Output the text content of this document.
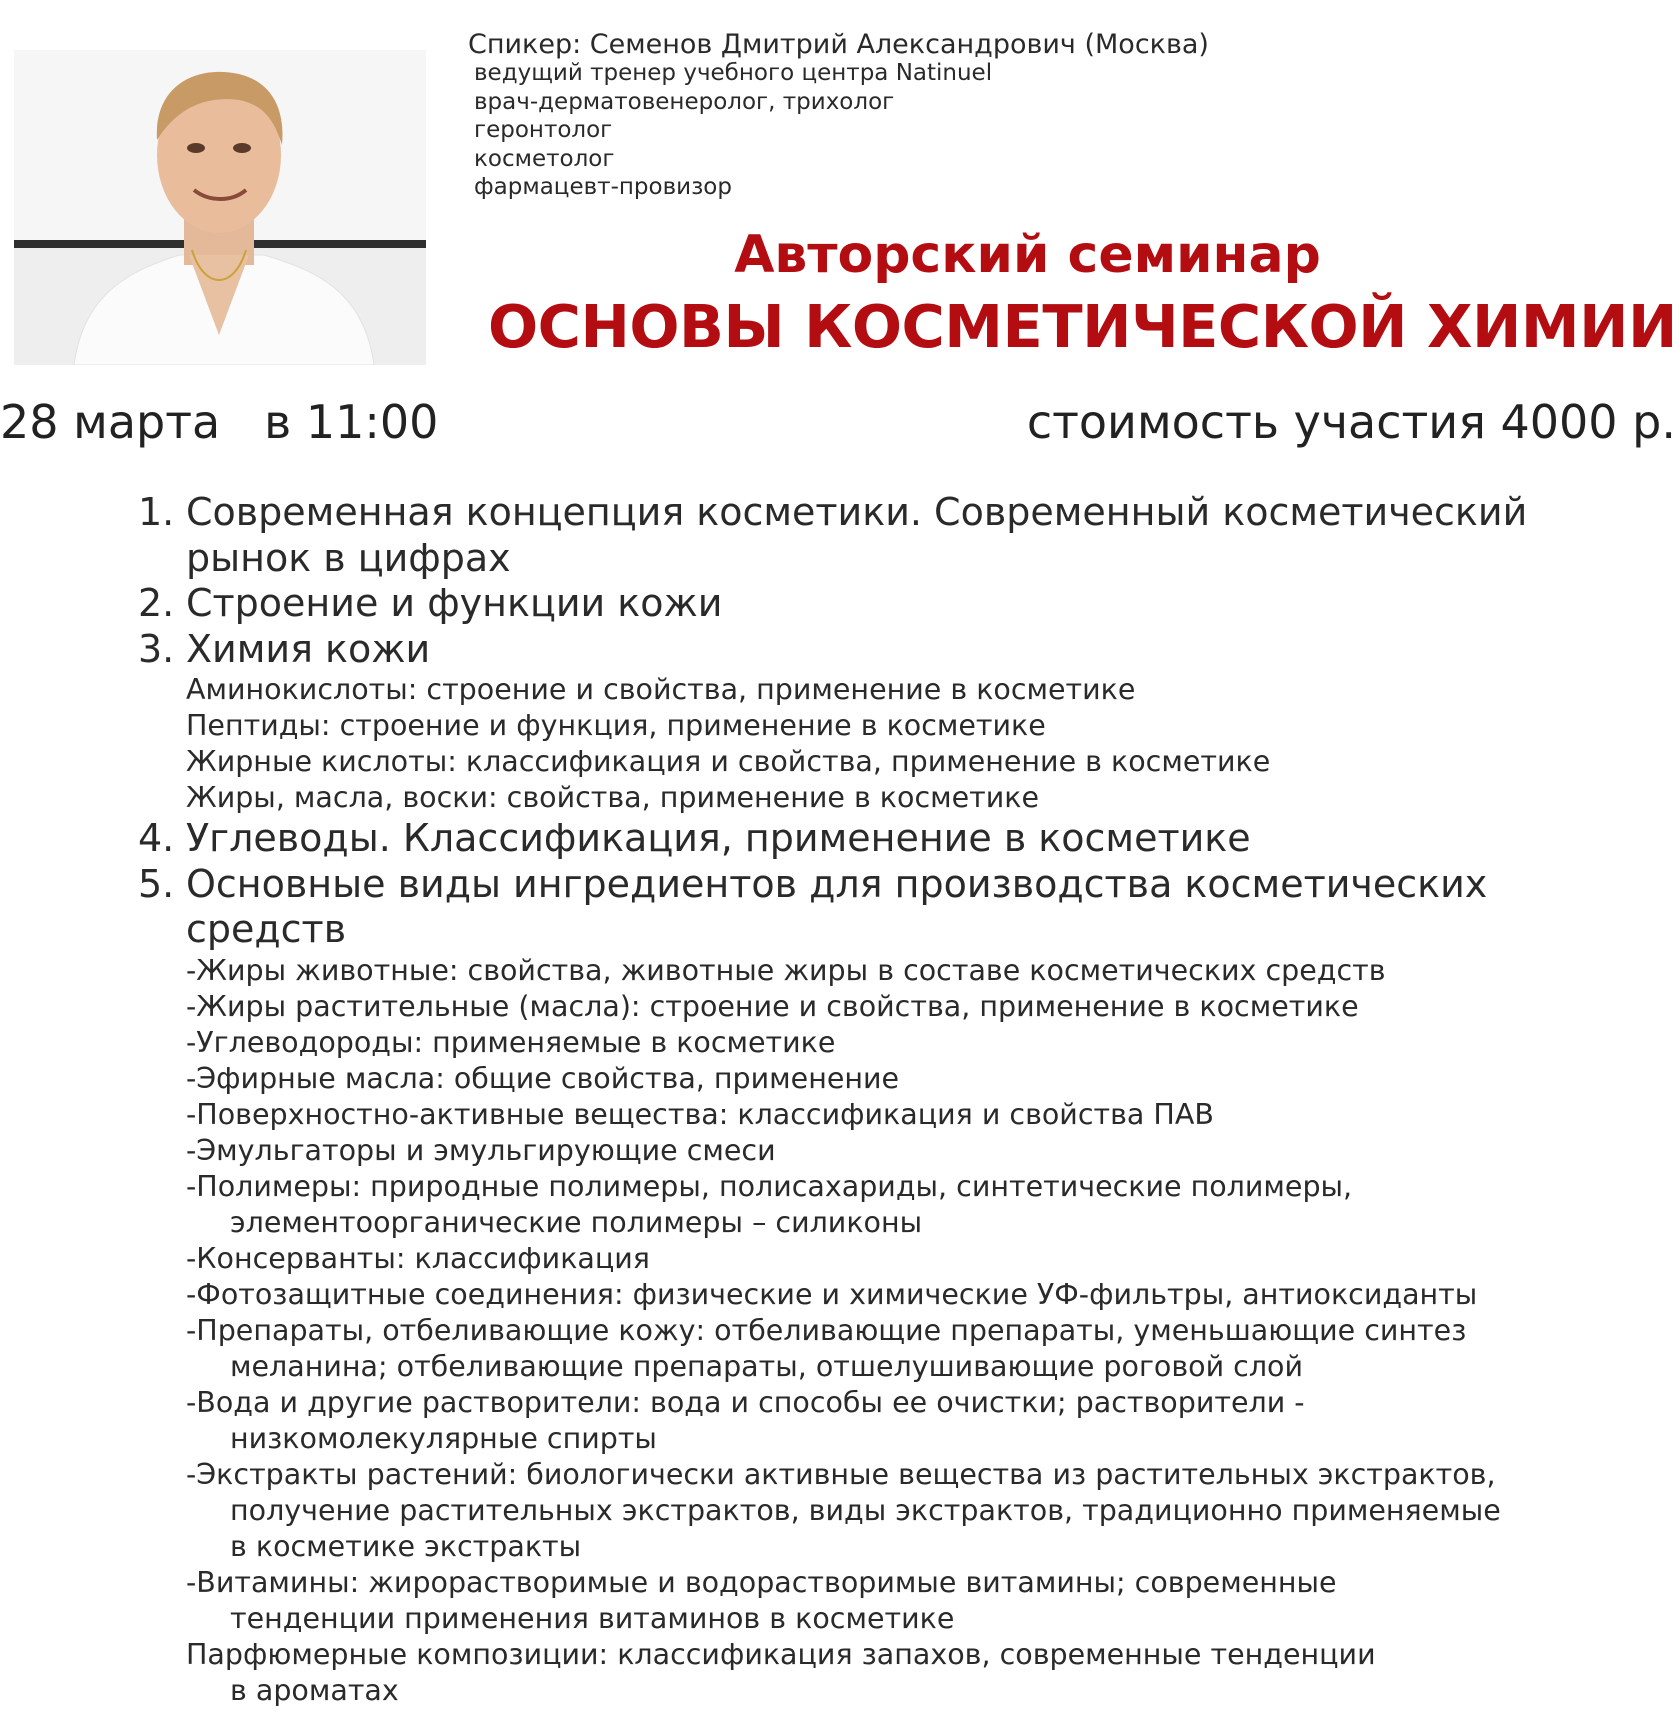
Спикер: Семенов Дмитрий Александрович (Москва)
ведущий тренер учебного центра Natinuel
врач-дерматовенеролог, трихолог
геронтолог
косметолог
фармацевт-провизор
Авторский семинар
ОСНОВЫ КОСМЕТИЧЕСКОЙ ХИМИИ
28 марта в 11:00	стоимость участия 4000 р.
1. Современная концепция косметики. Современный косметический
рынок в цифрах
2. Строение и функции кожи
3. Химия кожи
Аминокислоты: строение и свойства, применение в косметике
Пептиды: строение и функция, применение в косметике
Жирные кислоты: классификация и свойства, применение в косметике
Жиры, масла, воски: свойства, применение в косметике
4. Углеводы. Классификация, применение в косметике
5. Основные виды ингредиентов для производства косметических
средств
-Жиры животные: свойства, животные жиры в составе косметических средств
-Жиры растительные (масла): строение и свойства, применение в косметике
-Углеводороды: применяемые в косметике
-Эфирные масла: общие свойства, применение
-Поверхностно-активные вещества: классификация и свойства ПАВ
-Эмульгаторы и эмульгирующие смеси
-Полимеры: природные полимеры, полисахариды, синтетические полимеры,
элементоорганические полимеры – силиконы
-Консерванты: классификация
-Фотозащитные соединения: физические и химические УФ-фильтры, антиоксиданты
-Препараты, отбеливающие кожу: отбеливающие препараты, уменьшающие синтез
меланина; отбеливающие препараты, отшелушивающие роговой слой
-Вода и другие растворители: вода и способы ее очистки; растворители -
низкомолекулярные спирты
-Экстракты растений: биологически активные вещества из растительных экстрактов,
получение растительных экстрактов, виды экстрактов, традиционно применяемые
в косметике экстракты
-Витамины: жирорастворимые и водорастворимые витамины; современные
тенденции применения витаминов в косметике
Парфюмерные композиции: классификация запахов, современные тенденции
в ароматах
